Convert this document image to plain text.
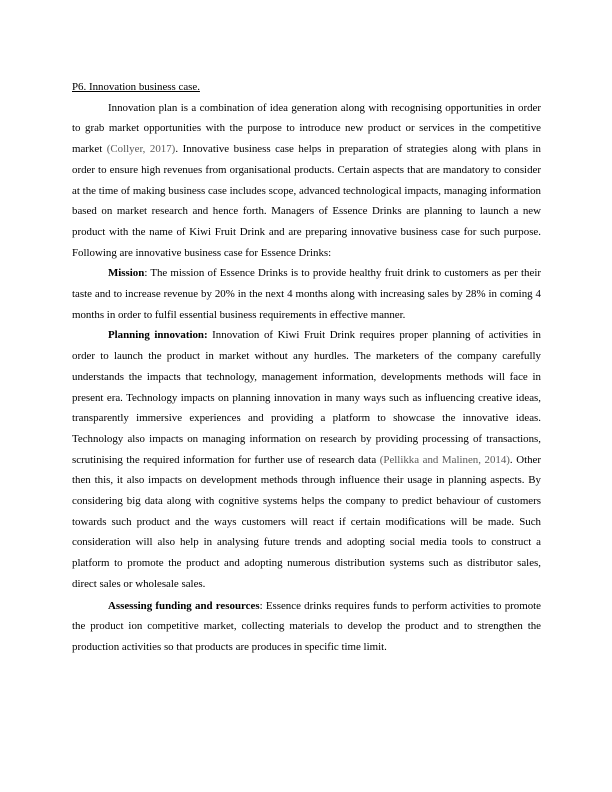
P6. Innovation business case.

Innovation plan is a combination of idea generation along with recognising opportunities in order to grab market opportunities with the purpose to introduce new product or services in the competitive market (Collyer, 2017). Innovative business case helps in preparation of strategies along with plans in order to ensure high revenues from organisational products. Certain aspects that are mandatory to consider at the time of making business case includes scope, advanced technological impacts, managing information based on market research and hence forth. Managers of Essence Drinks are planning to launch a new product with the name of Kiwi Fruit Drink and are preparing innovative business case for such purpose. Following are innovative business case for Essence Drinks:

Mission: The mission of Essence Drinks is to provide healthy fruit drink to customers as per their taste and to increase revenue by 20% in the next 4 months along with increasing sales by 28% in coming 4 months in order to fulfil essential business requirements in effective manner.

Planning innovation: Innovation of Kiwi Fruit Drink requires proper planning of activities in order to launch the product in market without any hurdles. The marketers of the company carefully understands the impacts that technology, management information, developments methods will face in present era. Technology impacts on planning innovation in many ways such as influencing creative ideas, transparently immersive experiences and providing a platform to showcase the innovative ideas. Technology also impacts on managing information on research by providing processing of transactions, scrutinising the required information for further use of research data (Pellikka and Malinen, 2014). Other then this, it also impacts on development methods through influence their usage in planning aspects. By considering big data along with cognitive systems helps the company to predict behaviour of customers towards such product and the ways customers will react if certain modifications will be made. Such consideration will also help in analysing future trends and adopting social media tools to construct a platform to promote the product and adopting numerous distribution systems such as distributor sales, direct sales or wholesale sales.

Assessing funding and resources: Essence drinks requires funds to perform activities to promote the product ion competitive market, collecting materials to develop the product and to strengthen the production activities so that products are produces in specific time limit.
